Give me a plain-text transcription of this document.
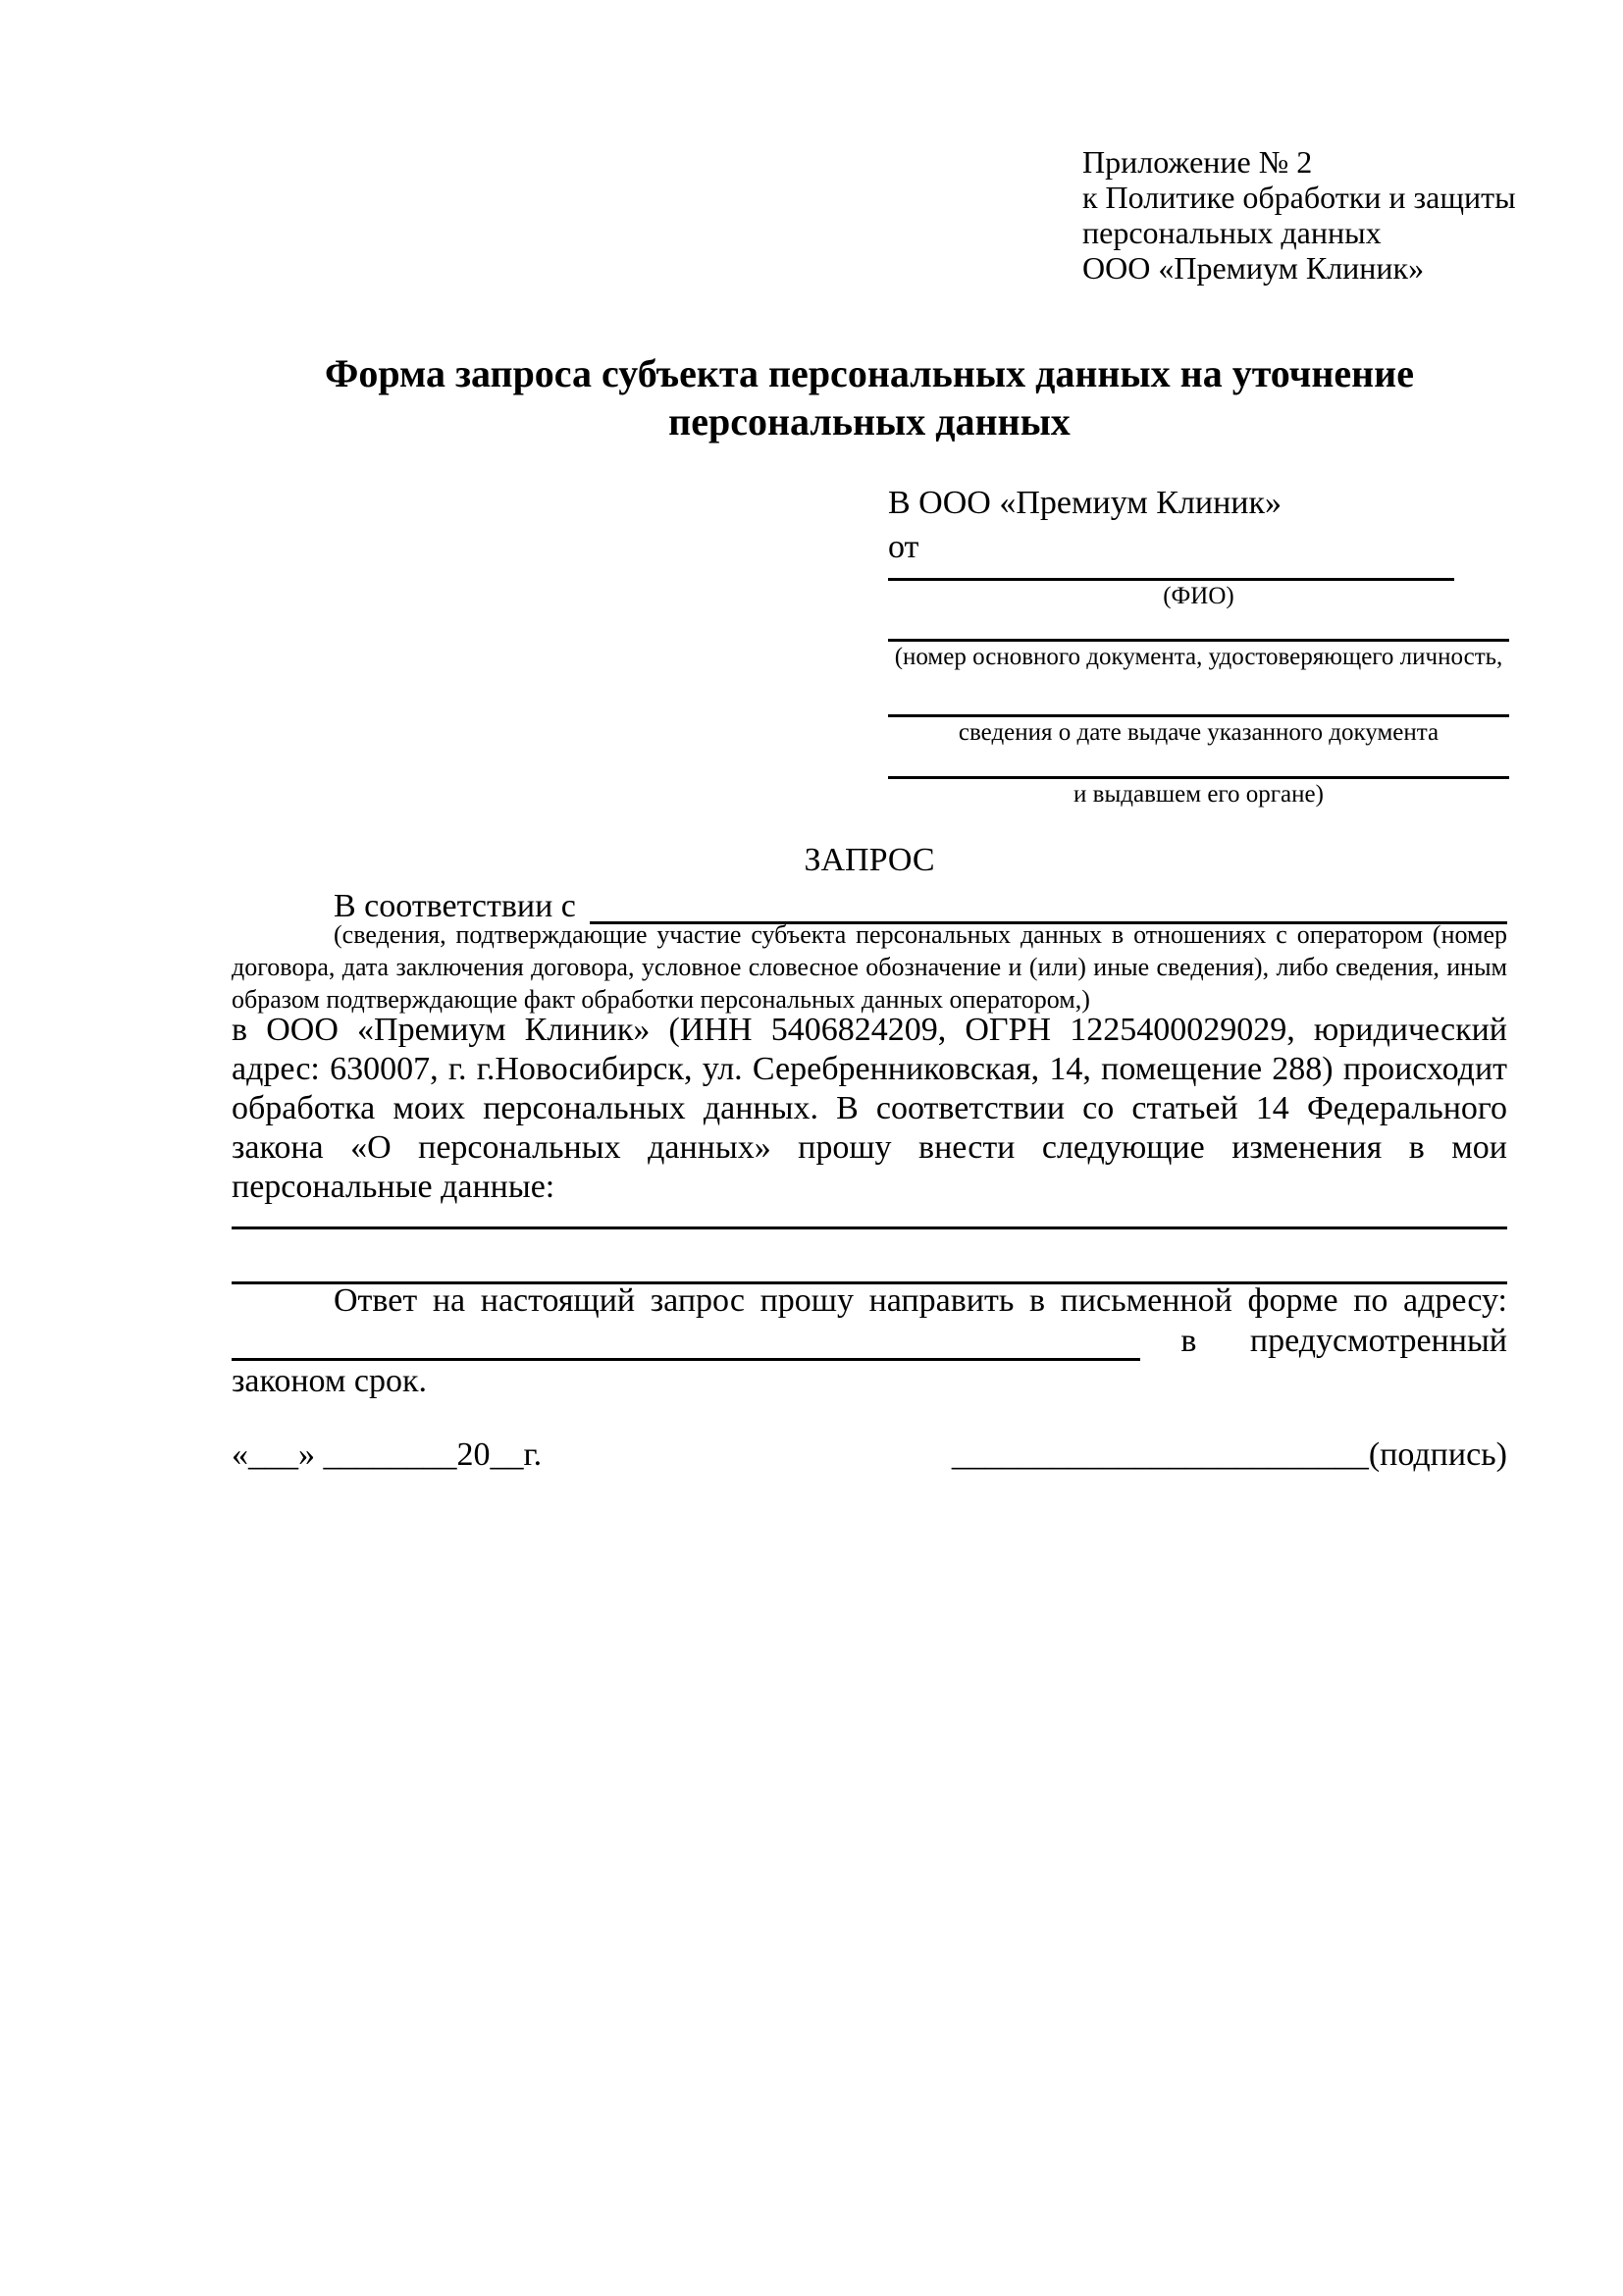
Приложение № 2
к Политике обработки и защиты
персональных данных
ООО «Премиум Клиник»
Форма запроса субъекта персональных данных на уточнение персональных данных
В ООО «Премиум Клиник»
от
(ФИО)
(номер основного документа, удостоверяющего личность,
сведения о дате выдаче указанного документа
и выдавшем его органе)
ЗАПРОС
В соответствии с
(сведения, подтверждающие участие субъекта персональных данных в отношениях с оператором (номер договора, дата заключения договора, условное словесное обозначение и (или) иные сведения), либо сведения, иным образом подтверждающие факт обработки персональных данных оператором,)
в ООО «Премиум Клиник» (ИНН 5406824209, ОГРН 1225400029029, юридический адрес: 630007, г. г.Новосибирск, ул. Серебренниковская, 14, помещение 288) происходит обработка моих персональных данных. В соответствии со статьей 14 Федерального закона «О персональных данных» прошу внести следующие изменения в мои персональные данные:
Ответ на настоящий запрос прошу направить в письменной форме по адресу:
в предусмотренный
законом срок.
«___» ________20__г.	_________________________(подпись)
